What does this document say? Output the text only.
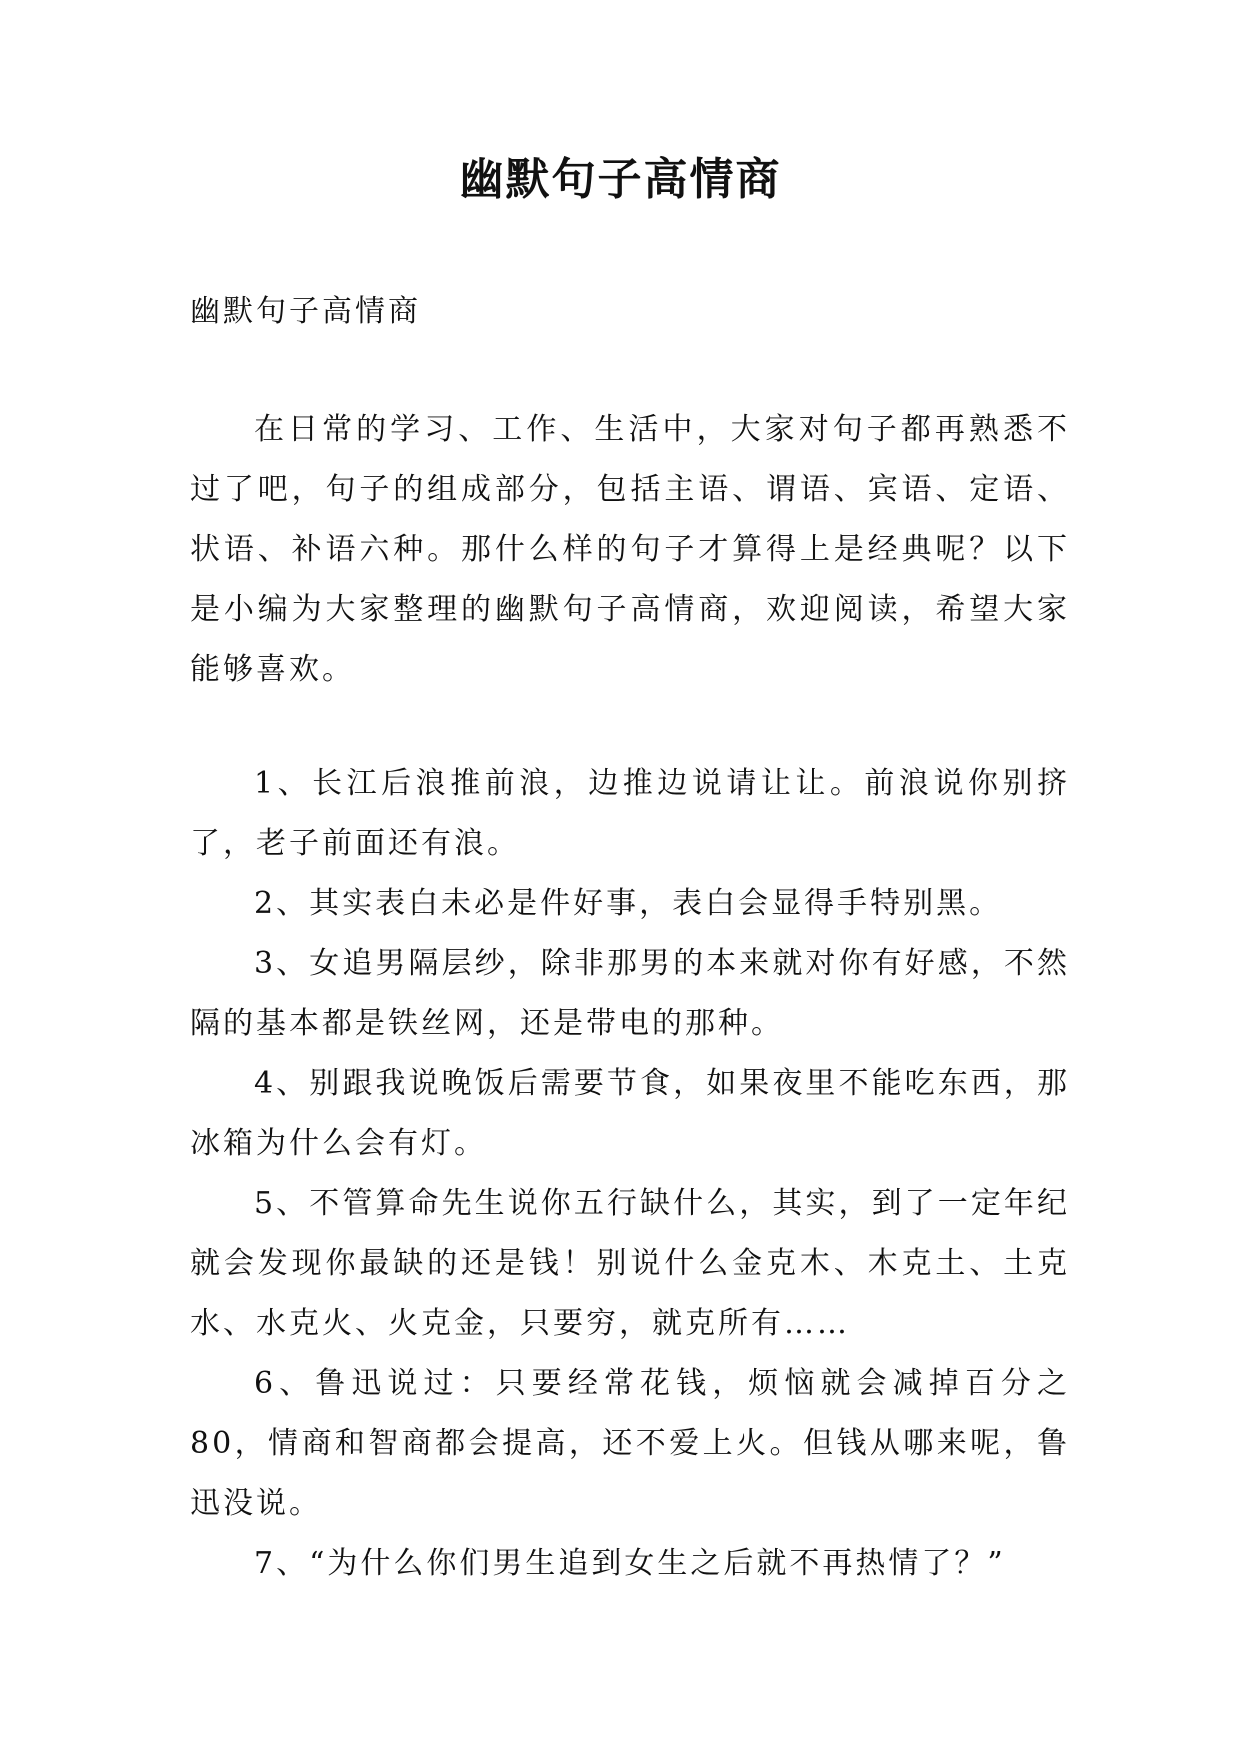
幽默句子高情商

幽默句子高情商

在日常的学习、工作、生活中，大家对句子都再熟悉不过了吧，句子的组成部分，包括主语、谓语、宾语、定语、状语、补语六种。那什么样的句子才算得上是经典呢？以下是小编为大家整理的幽默句子高情商，欢迎阅读，希望大家能够喜欢。

1、长江后浪推前浪，边推边说请让让。前浪说你别挤了，老子前面还有浪。

2、其实表白未必是件好事，表白会显得手特别黑。

3、女追男隔层纱，除非那男的本来就对你有好感，不然隔的基本都是铁丝网，还是带电的那种。

4、别跟我说晚饭后需要节食，如果夜里不能吃东西，那冰箱为什么会有灯。

5、不管算命先生说你五行缺什么，其实，到了一定年纪就会发现你最缺的还是钱！别说什么金克木、木克土、土克水、水克火、火克金，只要穷，就克所有……

6、鲁迅说过：只要经常花钱，烦恼就会减掉百分之80，情商和智商都会提高，还不爱上火。但钱从哪来呢，鲁迅没说。

7、“为什么你们男生追到女生之后就不再热情了？”
